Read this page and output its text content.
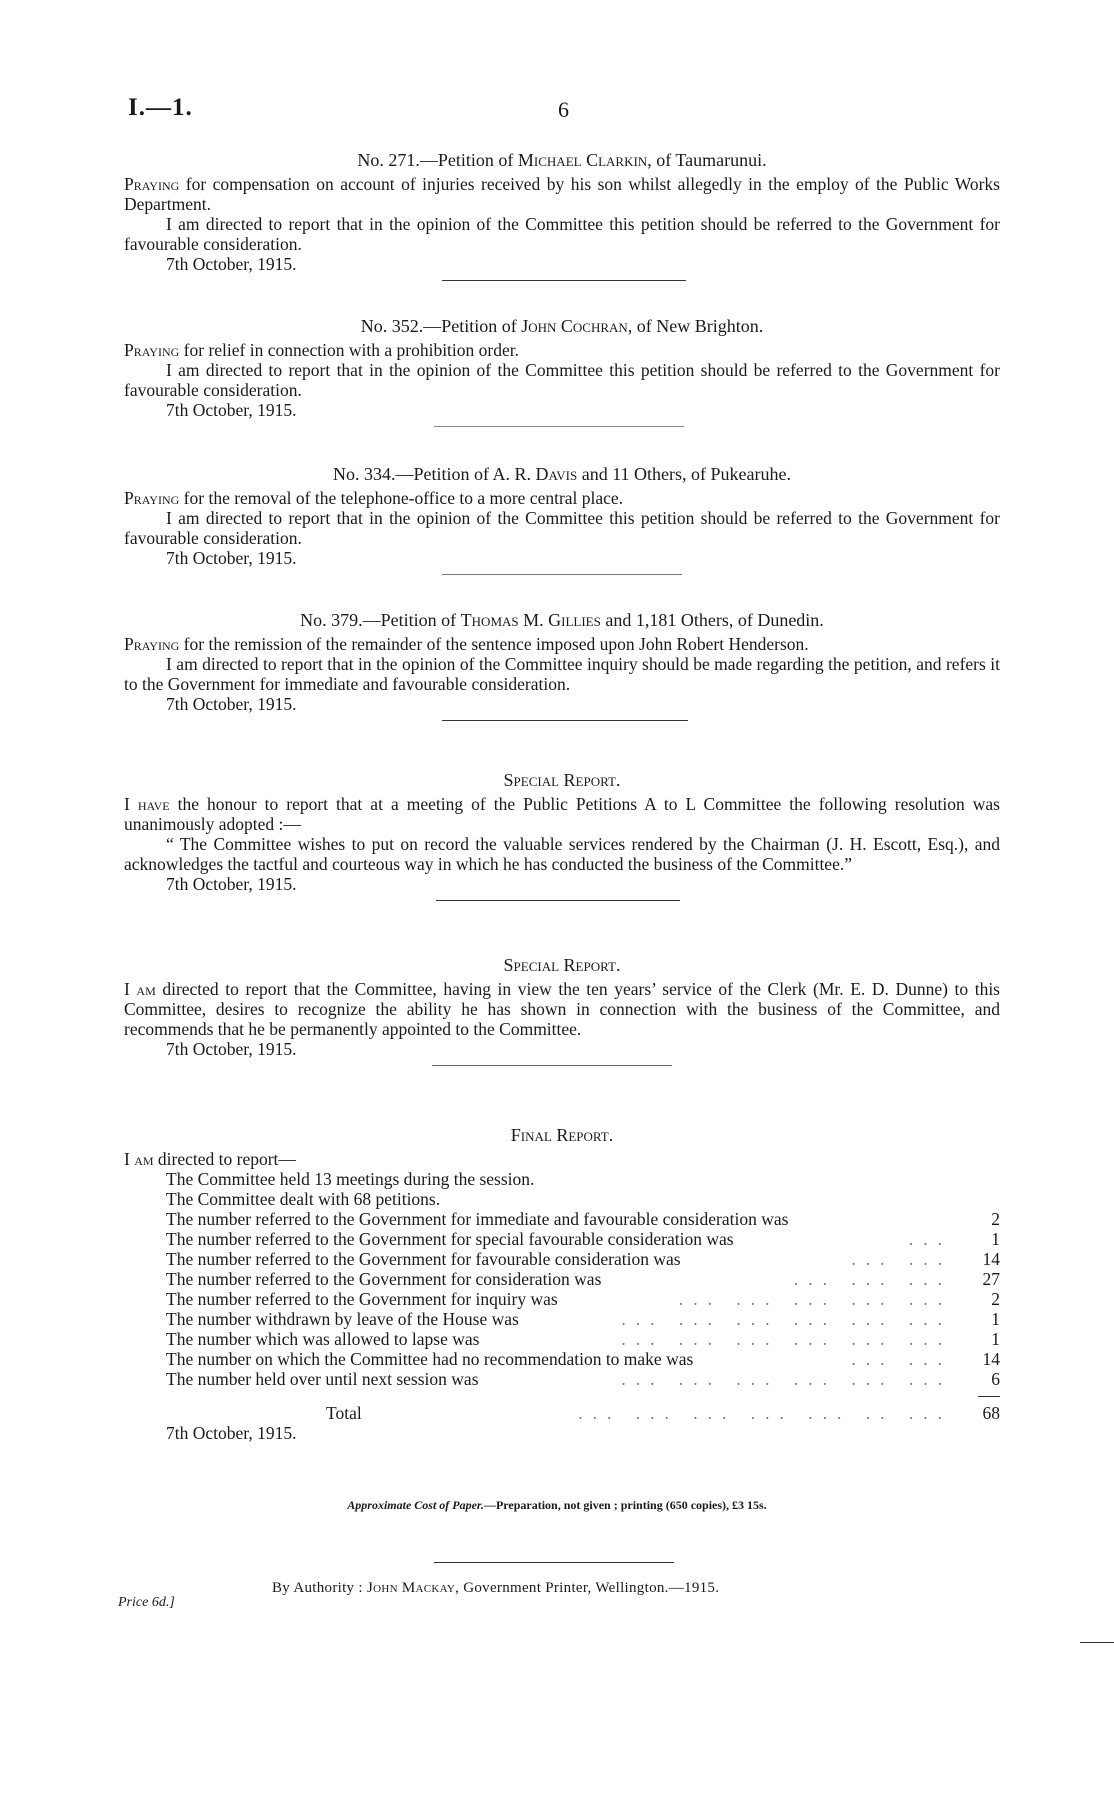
I.—1.	6
No. 271.—Petition of Michael Clarkin, of Taumarunui.

Praying for compensation on account of injuries received by his son whilst allegedly in the employ of the Public Works Department.

I am directed to report that in the opinion of the Committee this petition should be referred to the Government for favourable consideration.

7th October, 1915.
No. 352.—Petition of John Cochran, of New Brighton.

Praying for relief in connection with a prohibition order.

I am directed to report that in the opinion of the Committee this petition should be referred to the Government for favourable consideration.

7th October, 1915.
No. 334.—Petition of A. R. Davis and 11 Others, of Pukearuhe.

Praying for the removal of the telephone-office to a more central place.

I am directed to report that in the opinion of the Committee this petition should be referred to the Government for favourable consideration.

7th October, 1915.
No. 379.—Petition of Thomas M. Gillies and 1,181 Others, of Dunedin.

Praying for the remission of the remainder of the sentence imposed upon John Robert Henderson.

I am directed to report that in the opinion of the Committee inquiry should be made regarding the petition, and refers it to the Government for immediate and favourable consideration.

7th October, 1915.
Special Report.

I have the honour to report that at a meeting of the Public Petitions A to L Committee the following resolution was unanimously adopted :—

“ The Committee wishes to put on record the valuable services rendered by the Chairman (J. H. Escott, Esq.), and acknowledges the tactful and courteous way in which he has conducted the business of the Committee.”

7th October, 1915.
Special Report.

I am directed to report that the Committee, having in view the ten years’ service of the Clerk (Mr. E. D. Dunne) to this Committee, desires to recognize the ability he has shown in connection with the business of the Committee, and recommends that he be permanently appointed to the Committee.

7th October, 1915.
Final Report.
I am directed to report—
The Committee held 13 meetings during the session.
The Committee dealt with 68 petitions.
The number referred to the Government for immediate and favourable consideration was	2
The number referred to the Government for special favourable consideration was	...	1
The number referred to the Government for favourable consideration was	... ...	14
The number referred to the Government for consideration was	... ... ...	27
The number referred to the Government for inquiry was	... ... ... ... ...	2
The number withdrawn by leave of the House was	... ... ... ... ... ...	1
The number which was allowed to lapse was	... ... ... ... ... ...	1
The number on which the Committee had no recommendation to make was	... ...	14
The number held over until next session was	... ... ... ... ... ...	6
Total	... ... ... ... ... .. ...	68
7th October, 1915.
Approximate Cost of Paper.—Preparation, not given ; printing (650 copies), £3 15s.
By Authority : John Mackay, Government Printer, Wellington.—1915.
Price 6d.]
